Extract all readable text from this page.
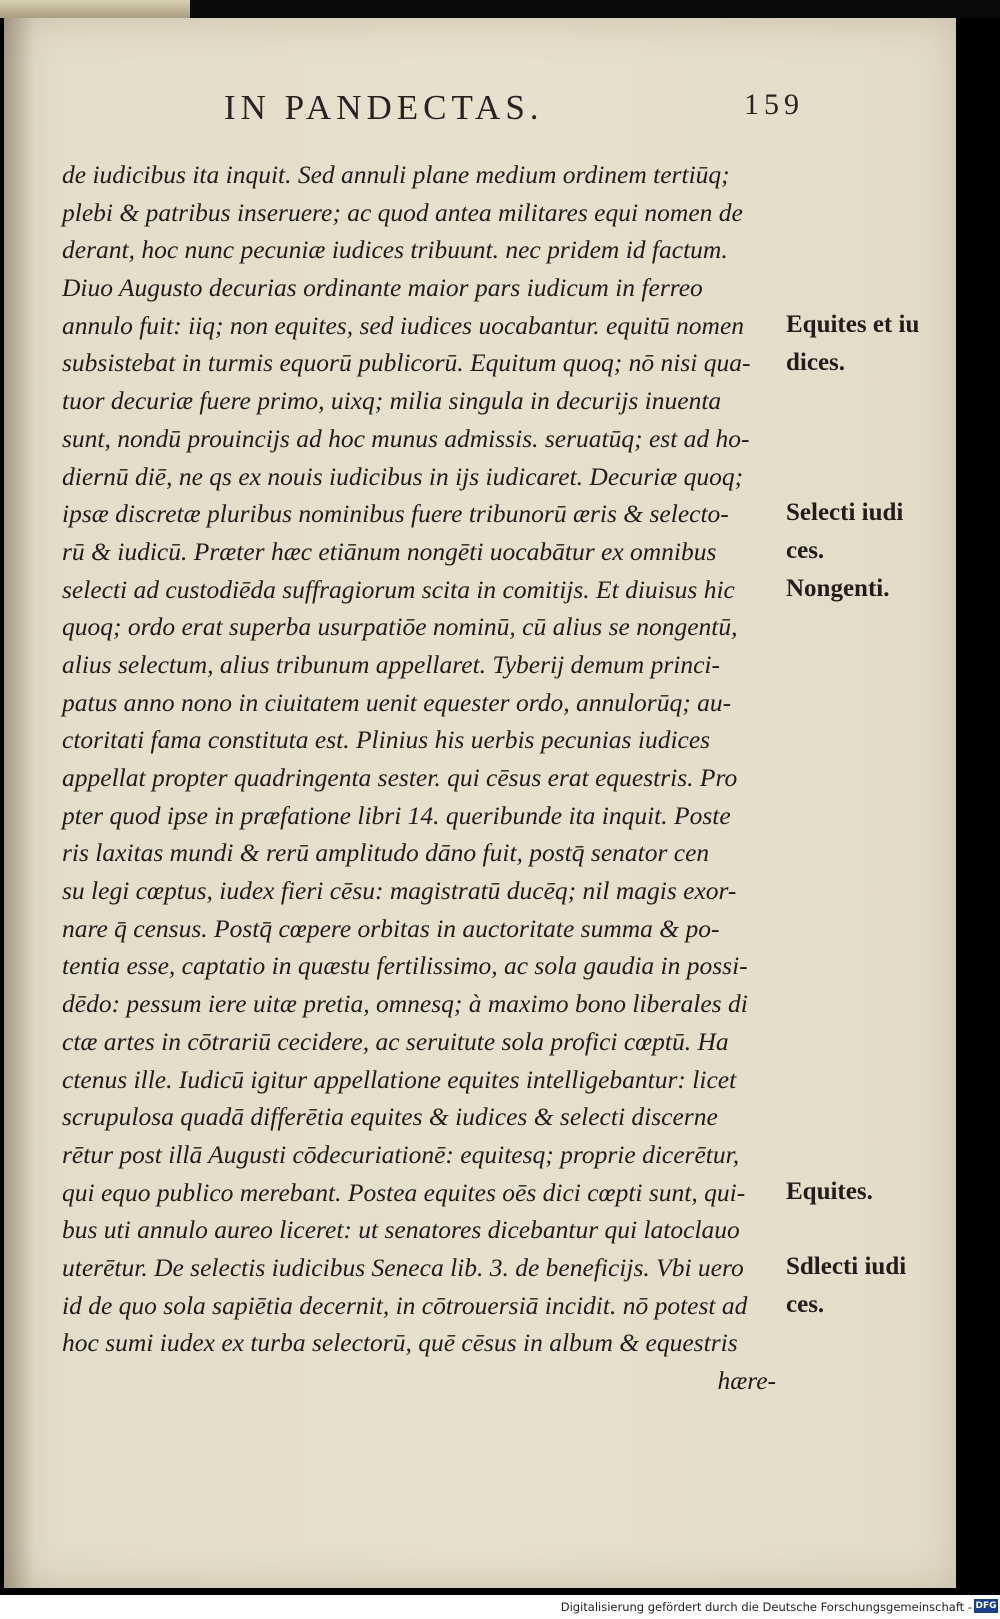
IN PANDECTAS.	159
de iudicibus ita inquit. Sed annuli plane medium ordinem tertiūq;
plebi & patribus inseruere; ac quod antea militares equi nomen de
derant, hoc nunc pecuniæ iudices tribuunt. nec pridem id factum.
Diuo Augusto decurias ordinante maior pars iudicum in ferreo
annulo fuit: iiq; non equites, sed iudices uocabantur. equitū nomen
subsistebat in turmis equorū publicorū. Equitum quoq; nō nisi qua-
tuor decuriæ fuere primo, uixq; milia singula in decurijs inuenta
sunt, nondū prouincijs ad hoc munus admissis. seruatūq; est ad ho-
diernū diē, ne qs ex nouis iudicibus in ijs iudicaret. Decuriæ quoq;
ipsæ discretæ pluribus nominibus fuere tribunorū æris & selecto-
rū & iudicū. Præter hæc etiānum nongēti uocabātur ex omnibus
selecti ad custodiēda suffragiorum scita in comitijs. Et diuisus hic
quoq; ordo erat superba usurpatiōe nominū, cū alius se nongentū,
alius selectum, alius tribunum appellaret. Tyberij demum princi-
patus anno nono in ciuitatem uenit equester ordo, annulorūq; au-
ctoritati fama constituta est. Plinius his uerbis pecunias iudices
appellat propter quadringenta sester. qui cēsus erat equestris. Pro
pter quod ipse in præfatione libri 14. queribunde ita inquit. Poste
ris laxitas mundi & rerū amplitudo dāno fuit, postq̄ senator cen
su legi cœptus, iudex fieri cēsu: magistratū ducēq; nil magis exor-
nare q̄ census. Postq̄ cœpere orbitas in auctoritate summa & po-
tentia esse, captatio in quæstu fertilissimo, ac sola gaudia in possi-
dēdo: pessum iere uitæ pretia, omnesq; à maximo bono liberales di
ctæ artes in cōtrariū cecidere, ac seruitute sola profici cœptū. Ha
ctenus ille. Iudicū igitur appellatione equites intelligebantur: licet
scrupulosa quadā differētia equites & iudices & selecti discerne
rētur post illā Augusti cōdecuriationē: equitesq; proprie dicerētur,
qui equo publico merebant. Postea equites oēs dici cœpti sunt, qui-
bus uti annulo aureo liceret: ut senatores dicebantur qui latoclauo
uterētur. De selectis iudicibus Seneca lib. 3. de beneficijs. Vbi uero
id de quo sola sapiētia decernit, in cōtrouersiā incidit. nō potest ad
hoc sumi iudex ex turba selectorū, quē cēsus in album & equestris
hære-
Equites et iu
dices.
Selecti iudi
ces.
Nongenti.
Equites.
Sdlecti iudi
ces.
Digitalisierung gefördert durch die Deutsche Forschungsgemeinschaft - DFG
